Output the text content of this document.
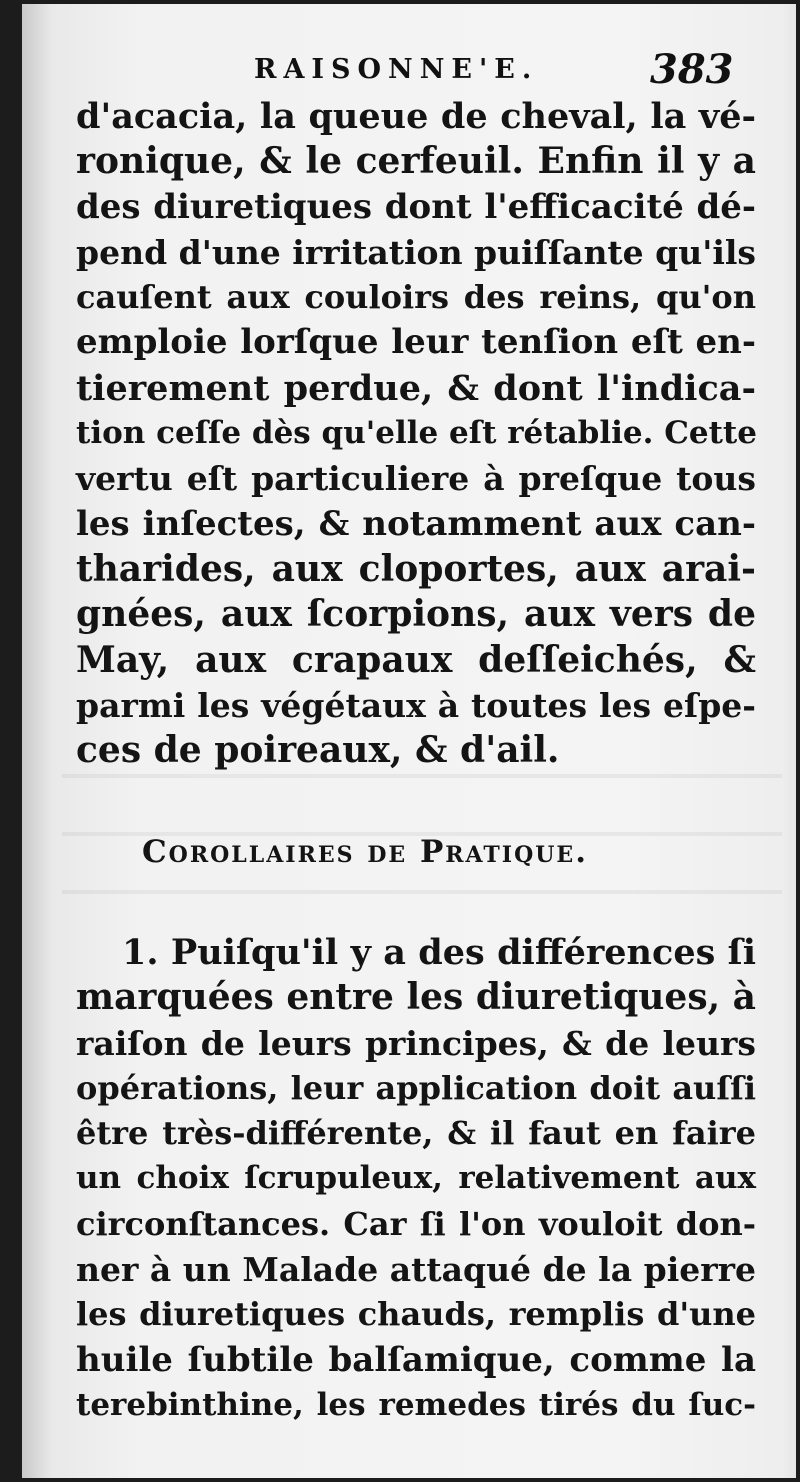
RAISONNE'E.	383
d'acacia, la queue de cheval, la vé-
ronique, & le cerfeuil. Enfin il y a
des diuretiques dont l'efficacité dé-
pend d'une irritation puiſſante qu'ils
cauſent aux couloirs des reins, qu'on
emploie lorſque leur tenſion eſt en-
tierement perdue, & dont l'indica-
tion ceſſe dès qu'elle eſt rétablie. Cette
vertu eſt particuliere à preſque tous
les inſectes, & notamment aux can-
tharides, aux cloportes, aux arai-
gnées, aux ſcorpions, aux vers de
May, aux crapaux deſſeichés, &
parmi les végétaux à toutes les eſpe-
ces de poireaux, & d'ail.
Corollaires de Pratique.
1. Puiſqu'il y a des différences ſi
marquées entre les diuretiques, à
raiſon de leurs principes, & de leurs
opérations, leur application doit auſſi
être très-différente, & il faut en faire
un choix ſcrupuleux, relativement aux
circonſtances. Car ſi l'on vouloit don-
ner à un Malade attaqué de la pierre
les diuretiques chauds, remplis d'une
huile ſubtile balſamique, comme la
terebinthine, les remedes tirés du ſuc-
